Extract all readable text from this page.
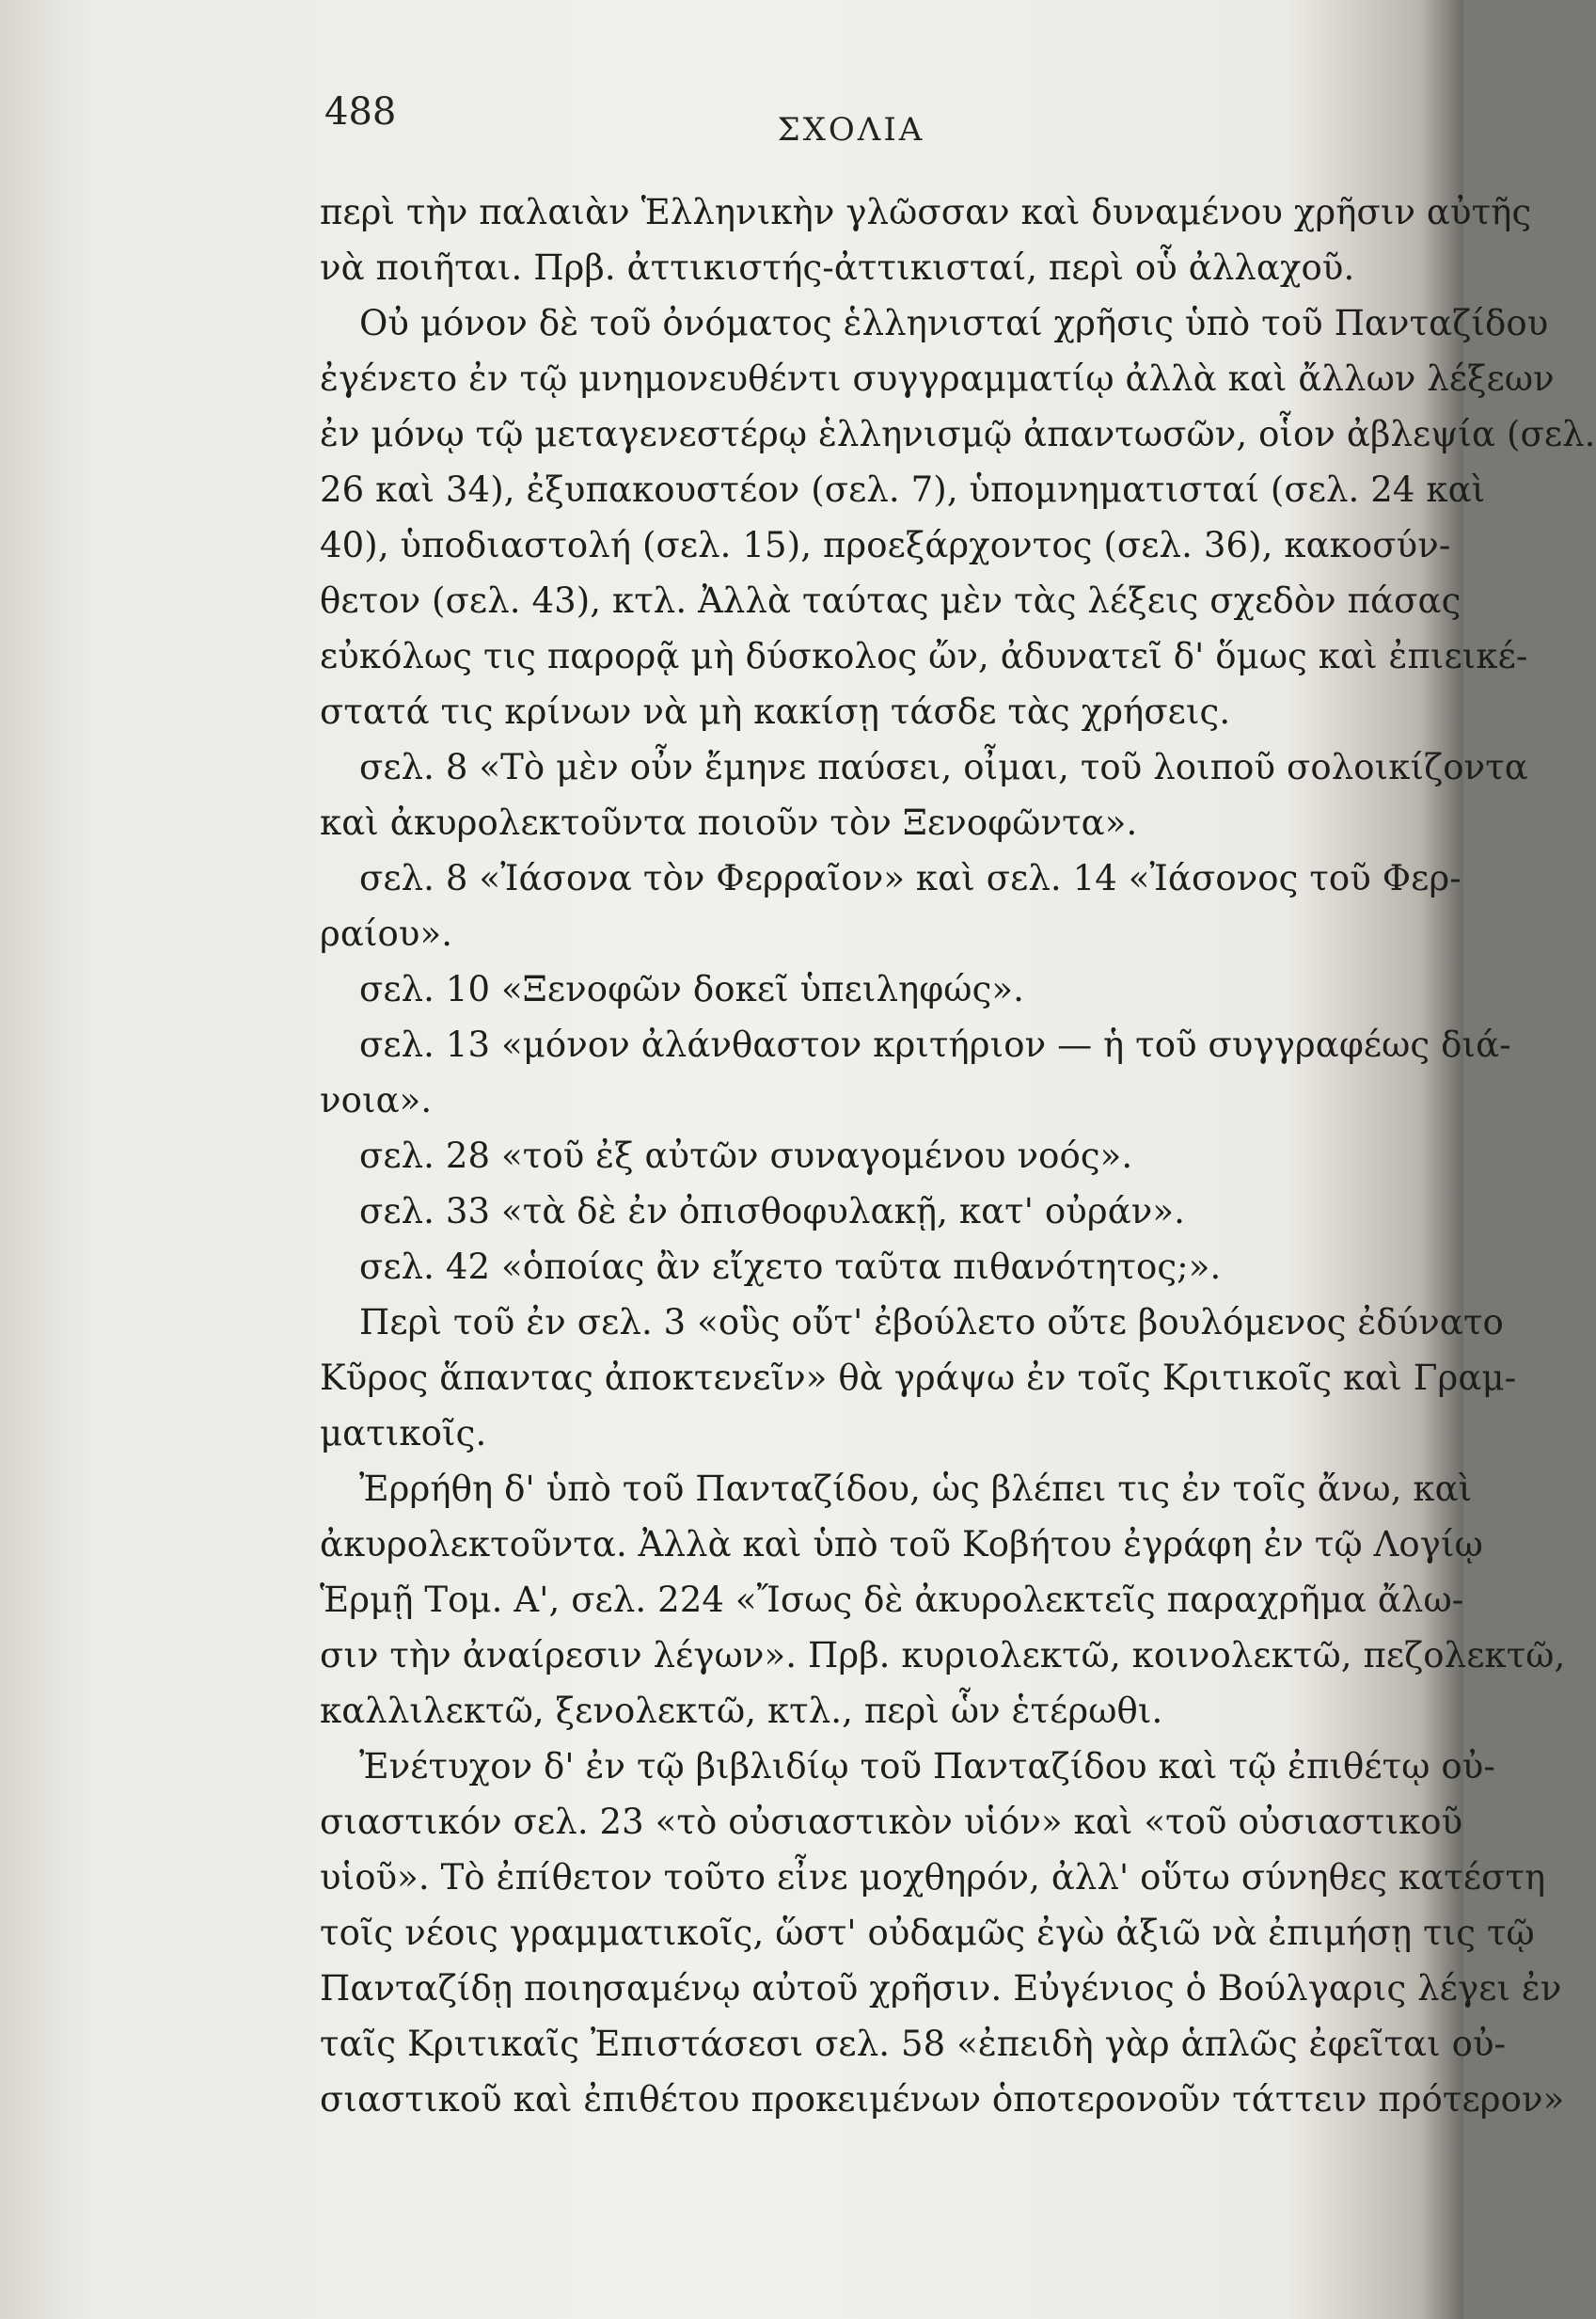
488	ΣΧΟΛΙΑ
περὶ τὴν παλαιὰν Ἑλληνικὴν γλῶσσαν καὶ δυναμένου χρῆσιν αὐτῆς
νὰ ποιῆται. Πρβ. ἀττικιστής-ἀττικισταί, περὶ οὗ ἀλλαχοῦ.
Οὐ μόνον δὲ τοῦ ὀνόματος ἑλληνισταί χρῆσις ὑπὸ τοῦ Πανταζίδου
ἐγένετο ἐν τῷ μνημονευθέντι συγγραμματίῳ ἀλλὰ καὶ ἄλλων λέξεων
ἐν μόνῳ τῷ μεταγενεστέρῳ ἑλληνισμῷ ἀπαντωσῶν, οἷον ἀβλεψία (σελ.
26 καὶ 34), ἐξυπακουστέον (σελ. 7), ὑπομνηματισταί (σελ. 24 καὶ
40), ὑποδιαστολή (σελ. 15), προεξάρχοντος (σελ. 36), κακοσύν-
θετον (σελ. 43), κτλ. Ἀλλὰ ταύτας μὲν τὰς λέξεις σχεδὸν πάσας
εὐκόλως τις παρορᾷ μὴ δύσκολος ὤν, ἀδυνατεῖ δ' ὅμως καὶ ἐπιεικέ-
στατά τις κρίνων νὰ μὴ κακίσῃ τάσδε τὰς χρήσεις.
σελ. 8 «Τὸ μὲν οὖν ἔμηνε παύσει, οἶμαι, τοῦ λοιποῦ σολοικίζοντα
καὶ ἀκυρολεκτοῦντα ποιοῦν τὸν Ξενοφῶντα».
σελ. 8 «Ἰάσονα τὸν Φερραῖον» καὶ σελ. 14 «Ἰάσονος τοῦ Φερ-
ραίου».
σελ. 10 «Ξενοφῶν δοκεῖ ὑπειληφώς».
σελ. 13 «μόνον ἀλάνθαστον κριτήριον — ἡ τοῦ συγγραφέως διά-
νοια».
σελ. 28 «τοῦ ἐξ αὐτῶν συναγομένου νοός».
σελ. 33 «τὰ δὲ ἐν ὀπισθοφυλακῇ, κατ' οὐράν».
σελ. 42 «ὁποίας ἂν εἴχετο ταῦτα πιθανότητος;».
Περὶ τοῦ ἐν σελ. 3 «οὓς οὔτ' ἐβούλετο οὔτε βουλόμενος ἐδύνατο
Κῦρος ἅπαντας ἀποκτενεῖν» θὰ γράψω ἐν τοῖς Κριτικοῖς καὶ Γραμ-
ματικοῖς.
Ἐρρήθη δ' ὑπὸ τοῦ Πανταζίδου, ὡς βλέπει τις ἐν τοῖς ἄνω, καὶ
ἀκυρολεκτοῦντα. Ἀλλὰ καὶ ὑπὸ τοῦ Κοβήτου ἐγράφη ἐν τῷ Λογίῳ
Ἑρμῇ Τομ. Α', σελ. 224 «Ἴσως δὲ ἀκυρολεκτεῖς παραχρῆμα ἄλω-
σιν τὴν ἀναίρεσιν λέγων». Πρβ. κυριολεκτῶ, κοινολεκτῶ, πεζολεκτῶ,
καλλιλεκτῶ, ξενολεκτῶ, κτλ., περὶ ὧν ἑτέρωθι.
Ἐνέτυχον δ' ἐν τῷ βιβλιδίῳ τοῦ Πανταζίδου καὶ τῷ ἐπιθέτῳ οὐ-
σιαστικόν σελ. 23 «τὸ οὐσιαστικὸν υἱόν» καὶ «τοῦ οὐσιαστικοῦ
υἱοῦ». Τὸ ἐπίθετον τοῦτο εἶνε μοχθηρόν, ἀλλ' οὕτω σύνηθες κατέστη
τοῖς νέοις γραμματικοῖς, ὥστ' οὐδαμῶς ἐγὼ ἀξιῶ νὰ ἐπιμήσῃ τις τῷ
Πανταζίδῃ ποιησαμένῳ αὐτοῦ χρῆσιν. Εὐγένιος ὁ Βούλγαρις λέγει ἐν
ταῖς Κριτικαῖς Ἐπιστάσεσι σελ. 58 «ἐπειδὴ γὰρ ἁπλῶς ἐφεῖται οὐ-
σιαστικοῦ καὶ ἐπιθέτου προκειμένων ὁποτερονοῦν τάττειν πρότερον»
